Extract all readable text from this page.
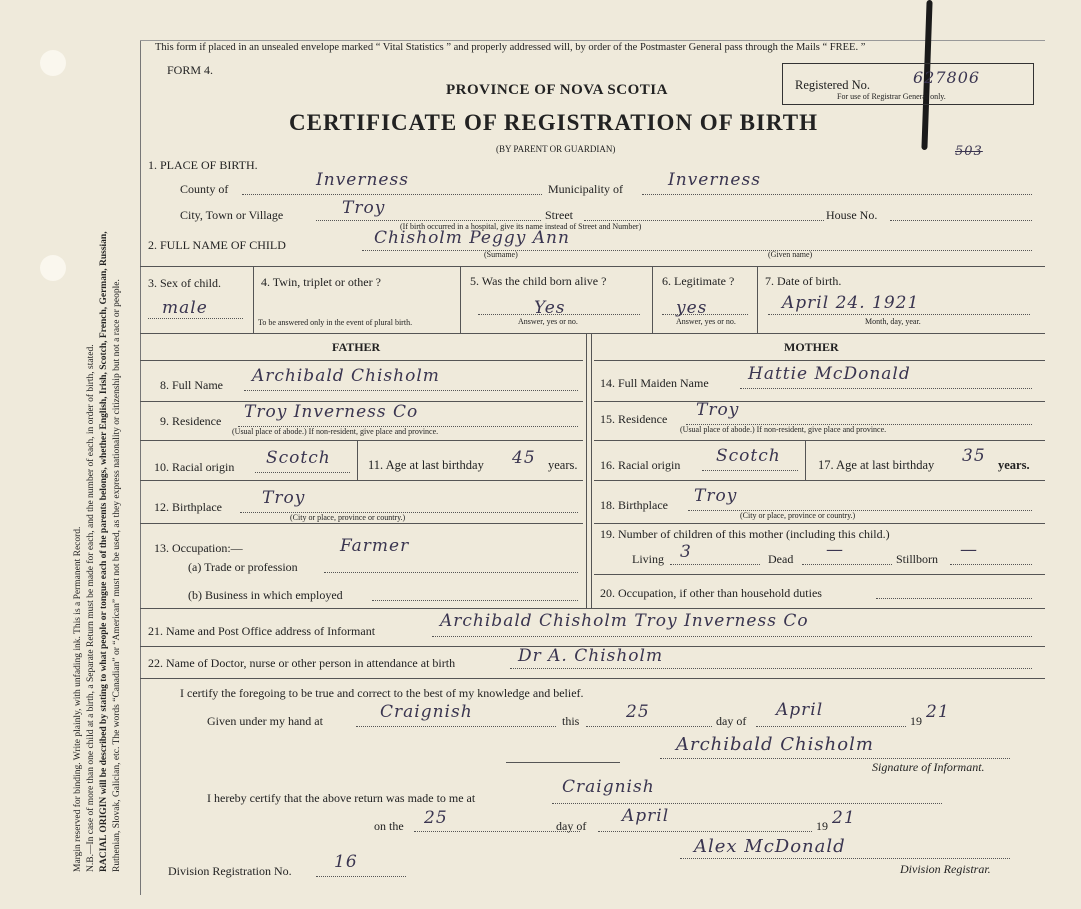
Margin reserved for binding. Write plainly, with unfading ink. This is a Permanent Record. N.B.—In case of more than one child at a birth, a Separate Return must be made for each, and the number of each, in order of birth, stated. RACIAL ORIGIN will be described by stating to what people or tongue each of the parents belongs, whether English, Irish, Scotch, French, German, Russian, Ruthenian, Slovak, Galician, etc. The words “Canadian” or “American” must not be used, as they express nationality or citizenship but not a race or people.
This form if placed in an unsealed envelope marked “ Vital Statistics ” and properly addressed will, by order of the Postmaster General pass through the Mails “ FREE. ”
FORM 4.
PROVINCE OF NOVA SCOTIA
CERTIFICATE OF REGISTRATION OF BIRTH
(BY PARENT OR GUARDIAN)
Registered No.	627806
For use of Registrar General only.
503
1. PLACE OF BIRTH.
County of	Inverness	Municipality of	Inverness
City, Town or Village	Troy	Street	House No.
(If birth occurred in a hospital, give its name instead of Street and Number)
2. FULL NAME OF CHILD	Chisholm Peggy Ann
(Surname)	(Given name)
3. Sex of child.
male
4. Twin, triplet or other ?
To be answered only in the event of plural birth.
5. Was the child born alive ?
Yes
Answer, yes or no.
6. Legitimate ?
yes
Answer, yes or no.
7. Date of birth.
April 24. 1921
Month, day, year.
FATHER	MOTHER
8. Full Name Archibald Chisholm
9. Residence Troy Inverness Co
(Usual place of abode.) If non-resident, give place and province.
10. Racial origin Scotch	11. Age at last birthday 45 years.
12. Birthplace Troy
(City or place, province or country.)
13. Occupation:—
(a) Trade or profession
Farmer
(b) Business in which employed
14. Full Maiden Name Hattie McDonald
15. Residence Troy
(Usual place of abode.) If non-resident, give place and province.
16. Racial origin Scotch	17. Age at last birthday 35 years.
18. Birthplace Troy
(City or place, province or country.)
19. Number of children of this mother (including this child.)
Living 3	Dead —	Stillborn —
20. Occupation, if other than household duties
21. Name and Post Office address of Informant	Archibald Chisholm Troy Inverness Co
22. Name of Doctor, nurse or other person in attendance at birth	Dr A. Chisholm
I certify the foregoing to be true and correct to the best of my knowledge and belief.
Given under my hand at	Craignish	this	25	day of
April
19 21
Archibald Chisholm
Signature of Informant.
I hereby certify that the above return was made to me at
Craignish
on the 25	day of April	19 21
Alex McDonald
Division Registration No. 16	Division Registrar.
